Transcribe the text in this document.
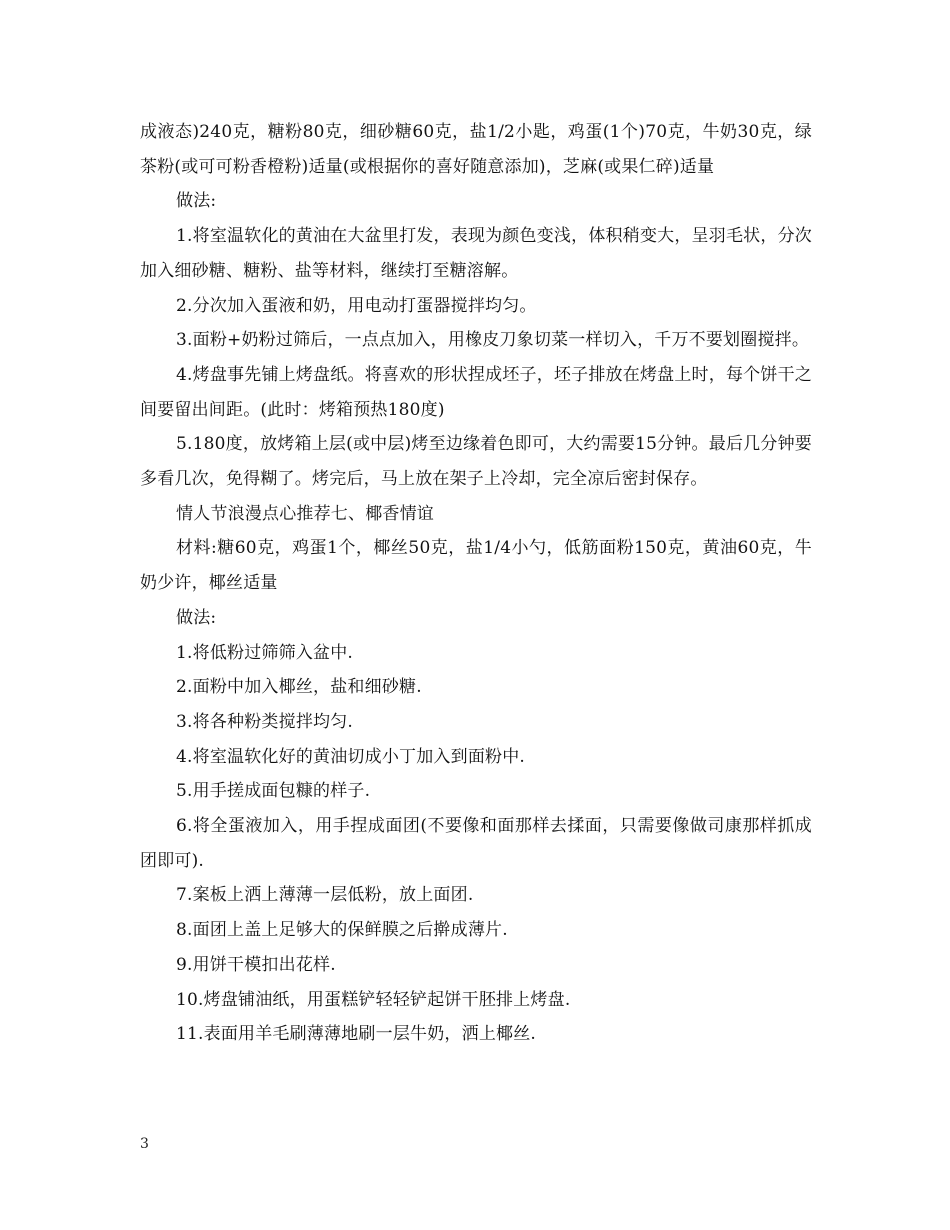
成液态)240克，糖粉80克，细砂糖60克，盐1/2小匙，鸡蛋(1个)70克，牛奶30克，绿茶粉(或可可粉香橙粉)适量(或根据你的喜好随意添加)，芝麻(或果仁碎)适量

做法:

1.将室温软化的黄油在大盆里打发，表现为颜色变浅，体积稍变大，呈羽毛状，分次加入细砂糖、糖粉、盐等材料，继续打至糖溶解。

2.分次加入蛋液和奶，用电动打蛋器搅拌均匀。

3.面粉+奶粉过筛后，一点点加入，用橡皮刀象切菜一样切入，千万不要划圈搅拌。

4.烤盘事先铺上烤盘纸。将喜欢的形状捏成坯子，坯子排放在烤盘上时，每个饼干之间要留出间距。(此时：烤箱预热180度)

5.180度，放烤箱上层(或中层)烤至边缘着色即可，大约需要15分钟。最后几分钟要多看几次，免得糊了。烤完后，马上放在架子上冷却，完全凉后密封保存。

情人节浪漫点心推荐七、椰香情谊

材料:糖60克，鸡蛋1个，椰丝50克，盐1/4小勺，低筋面粉150克，黄油60克，牛奶少许，椰丝适量

做法:

1.将低粉过筛筛入盆中.

2.面粉中加入椰丝，盐和细砂糖.

3.将各种粉类搅拌均匀.

4.将室温软化好的黄油切成小丁加入到面粉中.

5.用手搓成面包糠的样子.

6.将全蛋液加入，用手捏成面团(不要像和面那样去揉面，只需要像做司康那样抓成团即可).

7.案板上洒上薄薄一层低粉，放上面团.

8.面团上盖上足够大的保鲜膜之后擀成薄片.

9.用饼干模扣出花样.

10.烤盘铺油纸，用蛋糕铲轻轻铲起饼干胚排上烤盘.

11.表面用羊毛刷薄薄地刷一层牛奶，洒上椰丝.

3
